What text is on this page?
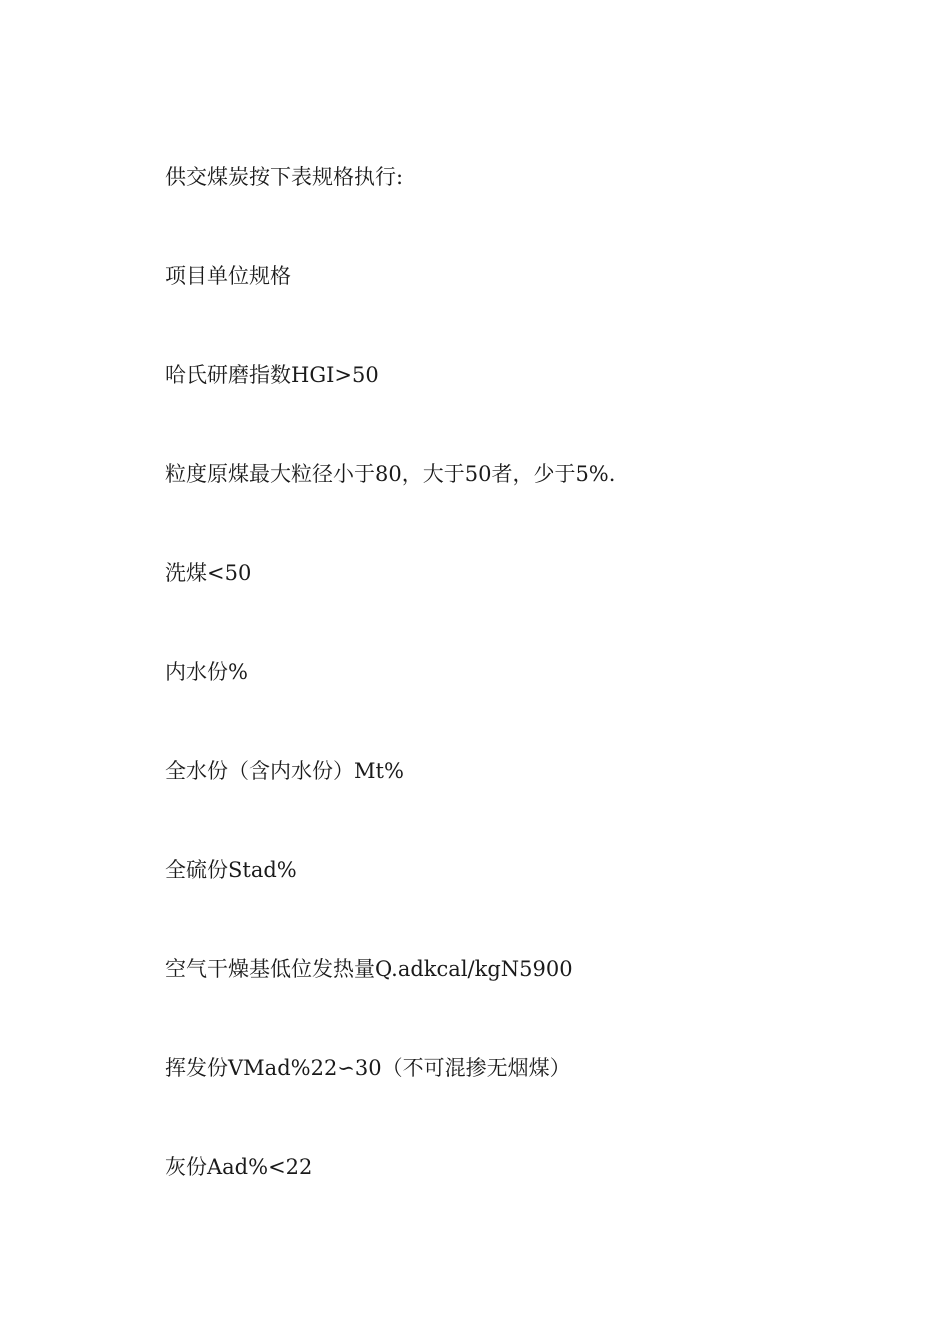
供交煤炭按下表规格执行:

项目单位规格

哈氏研磨指数HGI>50

粒度原煤最大粒径小于80，大于50者，少于5%.

洗煤<50

内水份%

全水份（含内水份）Mt%

全硫份Stad%

空气干燥基低位发热量Q.adkcal/kgN5900

挥发份VMad%22∽30（不可混掺无烟煤）

灰份Aad%<22
